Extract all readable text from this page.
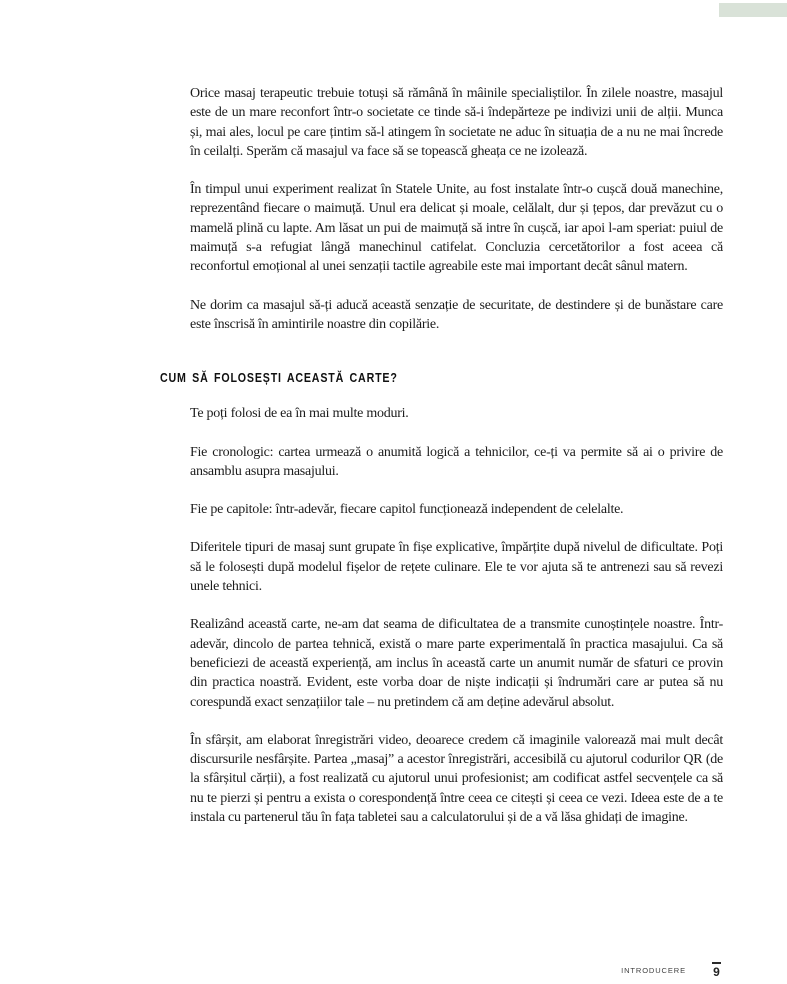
Orice masaj terapeutic trebuie totuși să rămână în mâinile specialiștilor. În zilele noastre, masajul este de un mare reconfort într-o societate ce tinde să-i îndepărteze pe indivizi unii de alții. Munca și, mai ales, locul pe care țintim să-l atingem în societate ne aduc în situația de a nu ne mai încrede în ceilalți. Sperăm că masajul va face să se topească gheața ce ne izolează.

În timpul unui experiment realizat în Statele Unite, au fost instalate într-o cușcă două manechine, reprezentând fiecare o maimuță. Unul era delicat și moale, celălalt, dur și țepos, dar prevăzut cu o mamelă plină cu lapte. Am lăsat un pui de maimuță să intre în cușcă, iar apoi l-am speriat: puiul de maimuță s-a refugiat lângă manechinul catifelat. Concluzia cercetătorilor a fost aceea că reconfortul emoțional al unei senzații tactile agreabile este mai important decât sânul matern.

Ne dorim ca masajul să-ți aducă această senzație de securitate, de destindere și de bunăstare care este înscrisă în amintirile noastre din copilărie.

CUM SĂ FOLOSEȘTI ACEASTĂ CARTE?

Te poți folosi de ea în mai multe moduri.

Fie cronologic: cartea urmează o anumită logică a tehnicilor, ce-ți va permite să ai o privire de ansamblu asupra masajului.

Fie pe capitole: într-adevăr, fiecare capitol funcționează independent de celelalte.

Diferitele tipuri de masaj sunt grupate în fișe explicative, împărțite după nivelul de dificultate. Poți să le folosești după modelul fișelor de rețete culinare. Ele te vor ajuta să te antrenezi sau să revezi unele tehnici.

Realizând această carte, ne-am dat seama de dificultatea de a transmite cunoștințele noastre. Într-adevăr, dincolo de partea tehnică, există o mare parte experimentală în practica masajului. Ca să beneficiezi de această experiență, am inclus în această carte un anumit număr de sfaturi ce provin din practica noastră. Evident, este vorba doar de niște indicații și îndrumări care ar putea să nu corespundă exact senzațiilor tale – nu pretindem că am deține adevărul absolut.

În sfârșit, am elaborat înregistrări video, deoarece credem că imaginile valorează mai mult decât discursurile nesfârșite. Partea „masaj” a acestor înregistrări, accesibilă cu ajutorul codurilor QR (de la sfârșitul cărții), a fost realizată cu ajutorul unui profesionist; am codificat astfel secvențele ca să nu te pierzi și pentru a exista o corespondență între ceea ce citești și ceea ce vezi. Ideea este de a te instala cu partenerul tău în fața tabletei sau a calculatorului și de a vă lăsa ghidați de imagine.

INTRODUCERE 9
